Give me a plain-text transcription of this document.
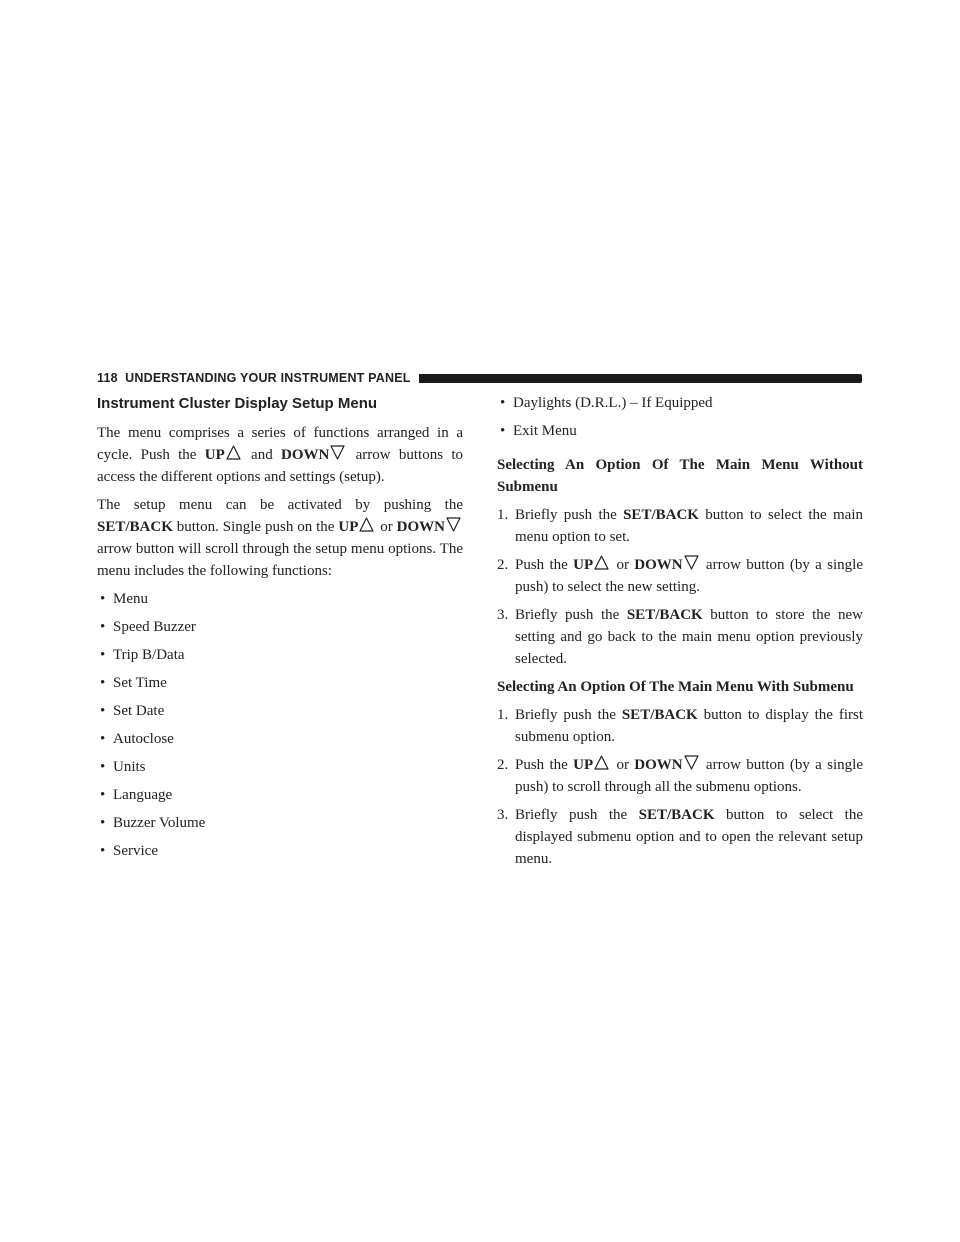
118 UNDERSTANDING YOUR INSTRUMENT PANEL
Instrument Cluster Display Setup Menu

The menu comprises a series of functions arranged in a cycle. Push the UP and DOWN arrow buttons to access the different options and settings (setup).

The setup menu can be activated by pushing the SET/BACK button. Single push on the UP or DOWN arrow button will scroll through the setup menu options. The menu includes the following functions:

• Menu
• Speed Buzzer
• Trip B/Data
• Set Time
• Set Date
• Autoclose
• Units
• Language
• Buzzer Volume
• Service
• Daylights (D.R.L.) – If Equipped
• Exit Menu

Selecting An Option Of The Main Menu Without Submenu

1. Briefly push the SET/BACK button to select the main menu option to set.
2. Push the UP or DOWN arrow button (by a single push) to select the new setting.
3. Briefly push the SET/BACK button to store the new setting and go back to the main menu option previously selected.

Selecting An Option Of The Main Menu With Submenu

1. Briefly push the SET/BACK button to display the first submenu option.
2. Push the UP or DOWN arrow button (by a single push) to scroll through all the submenu options.
3. Briefly push the SET/BACK button to select the displayed submenu option and to open the relevant setup menu.
